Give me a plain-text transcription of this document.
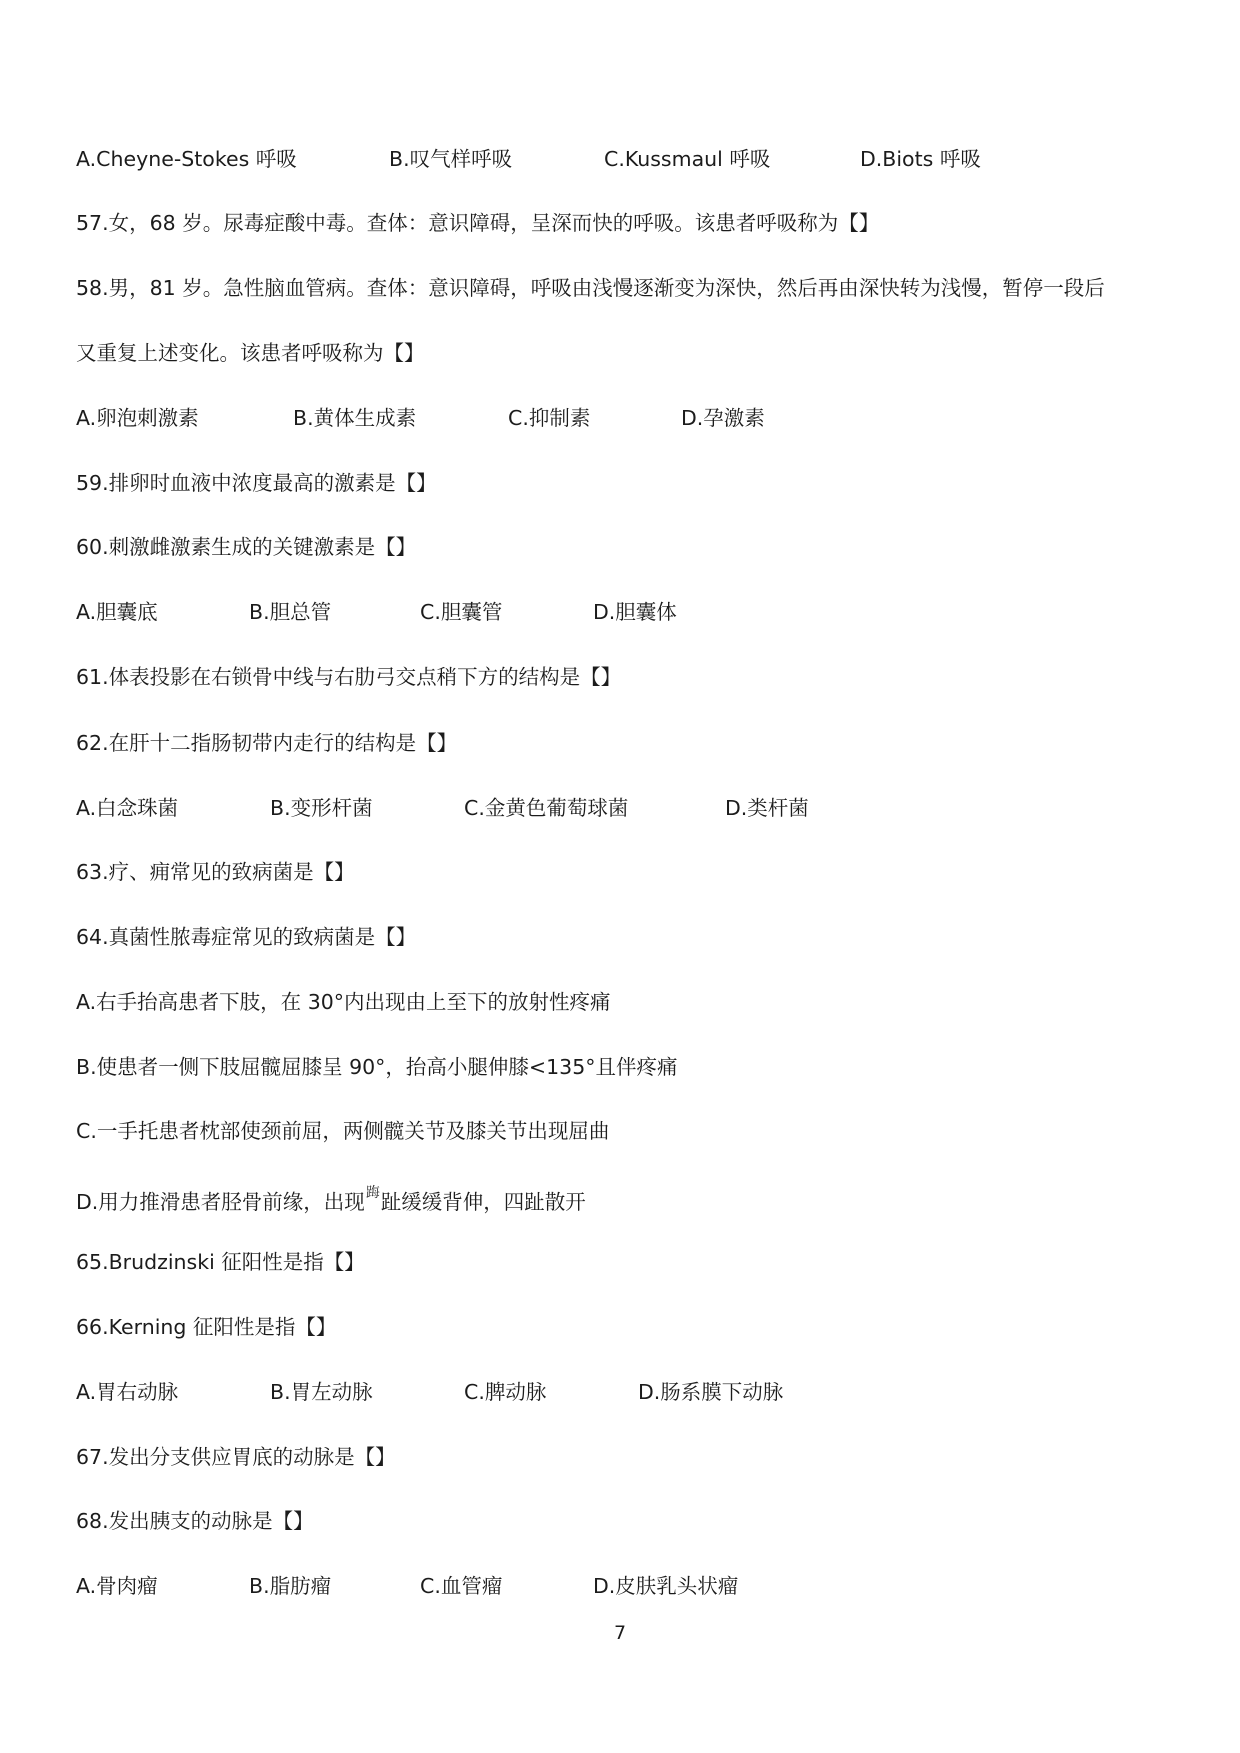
A.Cheyne-Stokes 呼吸	B.叹气样呼吸	C.Kussmaul 呼吸	D.Biots 呼吸
57.女，68 岁。尿毒症酸中毒。查体：意识障碍，呈深而快的呼吸。该患者呼吸称为【】
58.男，81 岁。急性脑血管病。查体：意识障碍，呼吸由浅慢逐渐变为深快，然后再由深快转为浅慢，暂停一段后
又重复上述变化。该患者呼吸称为【】
A.卵泡刺激素	B.黄体生成素	C.抑制素	D.孕激素
59.排卵时血液中浓度最高的激素是【】
60.刺激雌激素生成的关键激素是【】
A.胆囊底	B.胆总管	C.胆囊管	D.胆囊体
61.体表投影在右锁骨中线与右肋弓交点稍下方的结构是【】
62.在肝十二指肠韧带内走行的结构是【】
A.白念珠菌	B.变形杆菌	C.金黄色葡萄球菌	D.类杆菌
63.疗、痈常见的致病菌是【】
64.真菌性脓毒症常见的致病菌是【】
A.右手抬高患者下肢，在 30°内出现由上至下的放射性疼痛
B.使患者一侧下肢屈髋屈膝呈 90°，抬高小腿伸膝<135°且伴疼痛
C.一手托患者枕部使颈前屈，两侧髋关节及膝关节出现屈曲
D.用力推滑患者胫骨前缘，出现踇趾缓缓背伸，四趾散开
65.Brudzinski 征阳性是指【】
66.Kerning 征阳性是指【】
A.胃右动脉	B.胃左动脉	C.脾动脉	D.肠系膜下动脉
67.发出分支供应胃底的动脉是【】
68.发出胰支的动脉是【】
A.骨肉瘤	B.脂肪瘤	C.血管瘤	D.皮肤乳头状瘤
7
